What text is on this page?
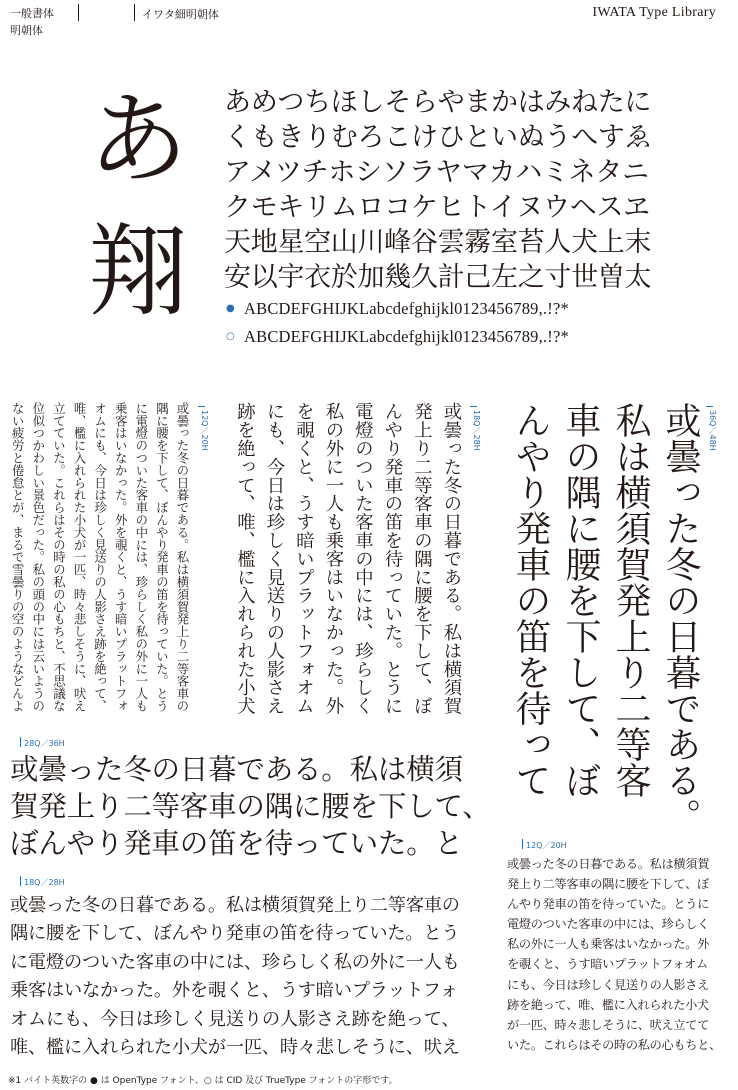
一般書体
明朝体
イワタ細明朝体	IWATA Type Library
あ
翔
あめつちほしそらやまかはみねたに
くもきりむろこけひといぬうへすゑ
アメツチホシソラヤマカハミネタニ
クモキリムロコケヒトイヌウヘスヱ
天地星空山川峰谷雲霧室苔人犬上末
安以宇衣於加幾久計己左之寸世曽太
● ABCDEFGHIJKLabcdefghijkl0123456789,.!?*
○ ABCDEFGHIJKLabcdefghijkl0123456789,.!?*
或曇った冬の日暮である。私は横須賀発上り二等客車の
隅に腰を下して、ぼんやり発車の笛を待っていた。とう
に電燈のついた客車の中には、珍らしく私の外に一人も
乗客はいなかった。外を覗くと、うす暗いプラットフォ
オムにも、今日は珍しく見送りの人影さえ跡を絶って、
唯、檻に入れられた小犬が一匹、時々悲しそうに、吠え
立てていた。これらはその時の私の心もちと、不思議な
位似つかわしい景色だった。私の頭の中には云いようの
ない疲労と倦怠とが、まるで雪曇りの空のようなどんよ	12Q／20H	或曇った冬の日暮である。私は横須賀
発上り二等客車の隅に腰を下して、ぼ
んやり発車の笛を待っていた。とうに
電燈のついた客車の中には、珍らしく
私の外に一人も乗客はいなかった。外
を覗くと、うす暗いプラットフォオム
にも、今日は珍しく見送りの人影さえ
跡を絶って、唯、檻に入れられた小犬	18Q／28H	或曇った冬の日暮である。
私は横須賀発上り二等客
車の隅に腰を下して、ぼ
んやり発車の笛を待って	36Q／48H
28Q／36H
或曇った冬の日暮である。私は横須
賀発上り二等客車の隅に腰を下して、
ぼんやり発車の笛を待っていた。と
18Q／28H
或曇った冬の日暮である。私は横須賀発上り二等客車の
隅に腰を下して、ぼんやり発車の笛を待っていた。とう
に電燈のついた客車の中には、珍らしく私の外に一人も
乗客はいなかった。外を覗くと、うす暗いプラットフォ
オムにも、今日は珍しく見送りの人影さえ跡を絶って、
唯、檻に入れられた小犬が一匹、時々悲しそうに、吠え
12Q／20H
或曇った冬の日暮である。私は横須賀
発上り二等客車の隅に腰を下して、ぼ
んやり発車の笛を待っていた。とうに
電燈のついた客車の中には、珍らしく
私の外に一人も乗客はいなかった。外
を覗くと、うす暗いプラットフォオム
にも、今日は珍しく見送りの人影さえ
跡を絶って、唯、檻に入れられた小犬
が一匹、時々悲しそうに、吠え立てて
いた。これらはその時の私の心もちと、
※1 バイト英数字の ● は OpenType フォント、○ は CID 及び TrueType フォントの字形です。
